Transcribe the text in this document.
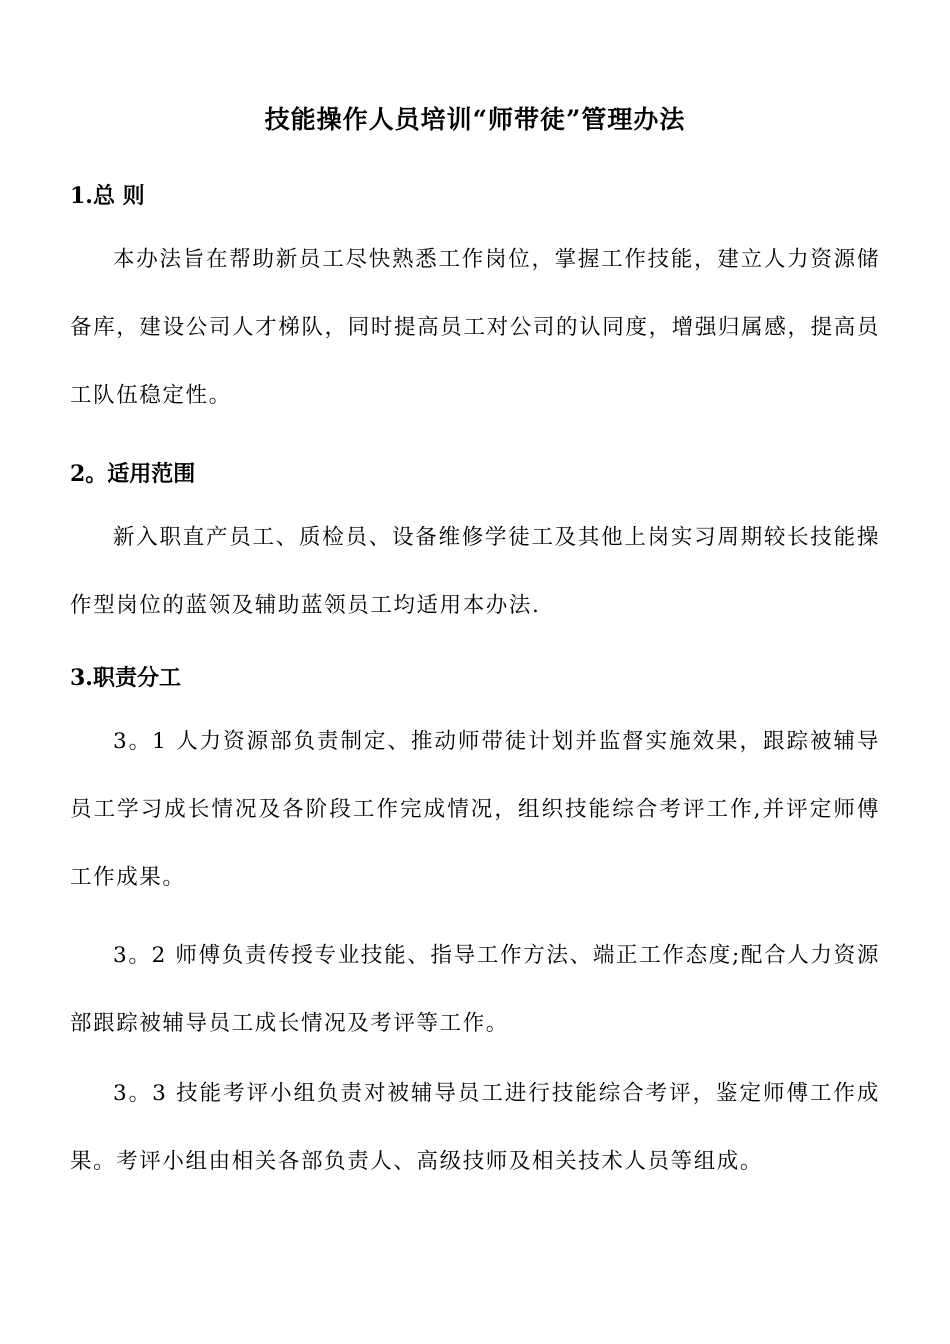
技能操作人员培训“师带徒”管理办法
1.总 则

本办法旨在帮助新员工尽快熟悉工作岗位，掌握工作技能，建立人力资源储备库，建设公司人才梯队，同时提高员工对公司的认同度，增强归属感，提高员工队伍稳定性。

2。适用范围

新入职直产员工、质检员、设备维修学徒工及其他上岗实习周期较长技能操作型岗位的蓝领及辅助蓝领员工均适用本办法.

3.职责分工

3。1 人力资源部负责制定、推动师带徒计划并监督实施效果，跟踪被辅导员工学习成长情况及各阶段工作完成情况，组织技能综合考评工作,并评定师傅工作成果。

3。2 师傅负责传授专业技能、指导工作方法、端正工作态度;配合人力资源部跟踪被辅导员工成长情况及考评等工作。

3。3 技能考评小组负责对被辅导员工进行技能综合考评，鉴定师傅工作成果。考评小组由相关各部负责人、高级技师及相关技术人员等组成。
